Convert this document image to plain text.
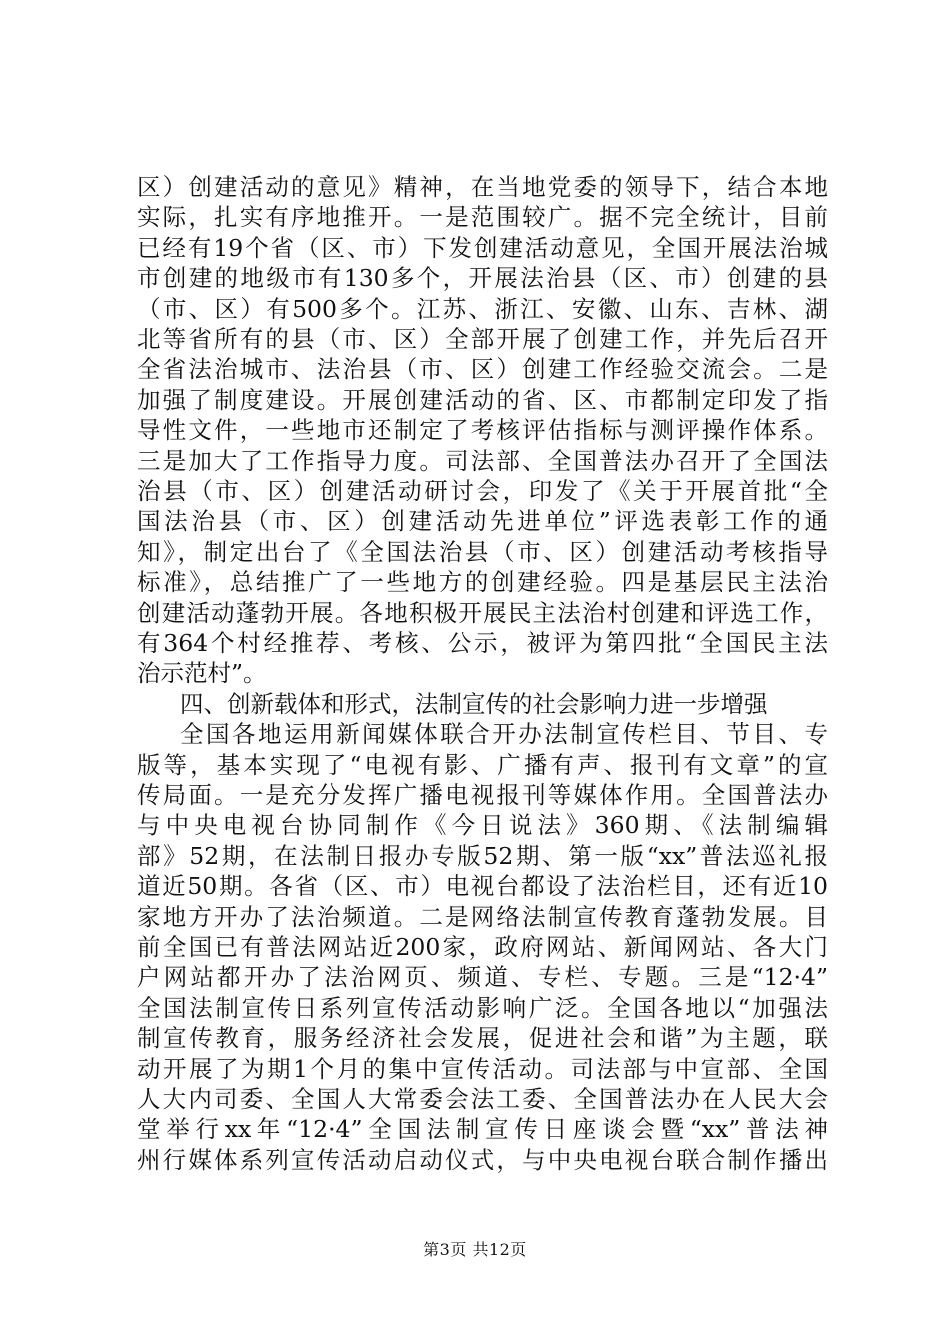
区）创建活动的意见》精神，在当地党委的领导下，结合本地
实际，扎实有序地推开。一是范围较广。据不完全统计，目前
已经有19个省（区、市）下发创建活动意见，全国开展法治城
市创建的地级市有130多个，开展法治县（区、市）创建的县
（市、区）有500多个。江苏、浙江、安徽、山东、吉林、湖
北等省所有的县（市、区）全部开展了创建工作，并先后召开
全省法治城市、法治县（市、区）创建工作经验交流会。二是
加强了制度建设。开展创建活动的省、区、市都制定印发了指
导性文件，一些地市还制定了考核评估指标与测评操作体系。
三是加大了工作指导力度。司法部、全国普法办召开了全国法
治县（市、区）创建活动研讨会，印发了《关于开展首批“全
国法治县（市、区）创建活动先进单位”评选表彰工作的通
知》，制定出台了《全国法治县（市、区）创建活动考核指导
标准》，总结推广了一些地方的创建经验。四是基层民主法治
创建活动蓬勃开展。各地积极开展民主法治村创建和评选工作，
有364个村经推荐、考核、公示，被评为第四批“全国民主法
治示范村”。
四、创新载体和形式，法制宣传的社会影响力进一步增强
全国各地运用新闻媒体联合开办法制宣传栏目、节目、专
版等，基本实现了“电视有影、广播有声、报刊有文章”的宣
传局面。一是充分发挥广播电视报刊等媒体作用。全国普法办
与中央电视台协同制作《今日说法》360期、《法制编辑
部》52期，在法制日报办专版52期、第一版“xx”普法巡礼报
道近50期。各省（区、市）电视台都设了法治栏目，还有近10
家地方开办了法治频道。二是网络法制宣传教育蓬勃发展。目
前全国已有普法网站近200家，政府网站、新闻网站、各大门
户网站都开办了法治网页、频道、专栏、专题。三是“12·4”
全国法制宣传日系列宣传活动影响广泛。全国各地以“加强法
制宣传教育，服务经济社会发展，促进社会和谐”为主题，联
动开展了为期1个月的集中宣传活动。司法部与中宣部、全国
人大内司委、全国人大常委会法工委、全国普法办在人民大会
堂举行xx年“12·4”全国法制宣传日座谈会暨“xx”普法神
州行媒体系列宣传活动启动仪式，与中央电视台联合制作播出
第3页 共12页
